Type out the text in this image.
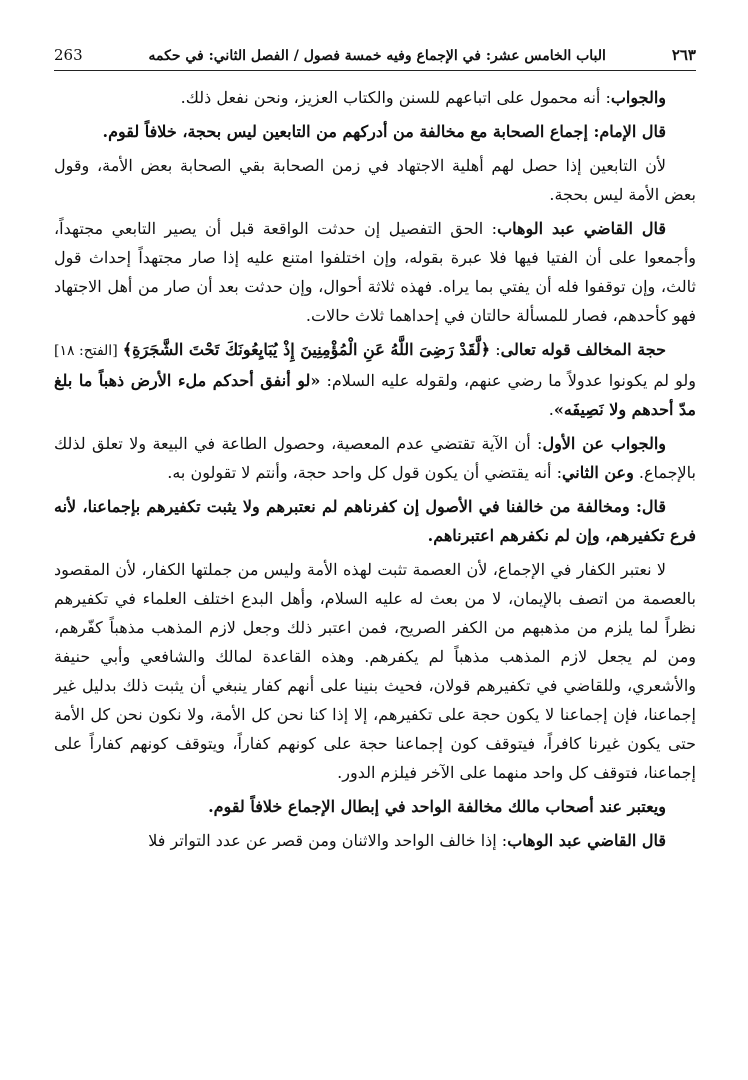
263	الباب الخامس عشر: في الإجماع وفيه خمسة فصول / الفصل الثاني: في حكمه	٢٦٣

والجواب: أنه محمول على اتباعهم للسنن والكتاب العزيز، ونحن نفعل ذلك.

قال الإمام: إجماع الصحابة مع مخالفة من أدركهم من التابعين ليس بحجة، خلافاً لقوم.

لأن التابعين إذا حصل لهم أهلية الاجتهاد في زمن الصحابة بقي الصحابة بعض الأمة، وقول بعض الأمة ليس بحجة.

قال القاضي عبد الوهاب: الحق التفصيل إن حدثت الواقعة قبل أن يصير التابعي مجتهداً، وأجمعوا على أن الفتيا فيها فلا عبرة بقوله، وإن اختلفوا امتنع عليه إذا صار مجتهداً إحداث قول ثالث، وإن توقفوا فله أن يفتي بما يراه. فهذه ثلاثة أحوال، وإن حدثت بعد أن صار من أهل الاجتهاد فهو كأحدهم، فصار للمسألة حالتان في إحداهما ثلاث حالات.

حجة المخالف قوله تعالى: ﴿لَّقَدْ رَضِىَ اللَّهُ عَنِ الْمُؤْمِنِينَ إِذْ يُبَايِعُونَكَ تَحْتَ الشَّجَرَةِ﴾ [الفتح: ١٨] ولو لم يكونوا عدولاً ما رضي عنهم، ولقوله عليه السلام: «لو أنفق أحدكم ملء الأرض ذهباً ما بلغ مدّ أحدهم ولا نَصِيفَه».

والجواب عن الأول: أن الآية تقتضي عدم المعصية، وحصول الطاعة في البيعة ولا تعلق لذلك بالإجماع. وعن الثاني: أنه يقتضي أن يكون قول كل واحد حجة، وأنتم لا تقولون به.

قال: ومخالفة من خالفنا في الأصول إن كفرناهم لم نعتبرهم ولا يثبت تكفيرهم بإجماعنا، لأنه فرع تكفيرهم، وإن لم نكفرهم اعتبرناهم.

لا نعتبر الكفار في الإجماع، لأن العصمة تثبت لهذه الأمة وليس من جملتها الكفار، لأن المقصود بالعصمة من اتصف بالإيمان، لا من بعث له عليه السلام، وأهل البدع اختلف العلماء في تكفيرهم نظراً لما يلزم من مذهبهم من الكفر الصريح، فمن اعتبر ذلك وجعل لازم المذهب مذهباً كفّرهم، ومن لم يجعل لازم المذهب مذهباً لم يكفرهم. وهذه القاعدة لمالك والشافعي وأبي حنيفة والأشعري، وللقاضي في تكفيرهم قولان، فحيث بنينا على أنهم كفار ينبغي أن يثبت ذلك بدليل غير إجماعنا، فإن إجماعنا لا يكون حجة على تكفيرهم، إلا إذا كنا نحن كل الأمة، ولا نكون نحن كل الأمة حتى يكون غيرنا كافراً، فيتوقف كون إجماعنا حجة على كونهم كفاراً، ويتوقف كونهم كفاراً على إجماعنا، فتوقف كل واحد منهما على الآخر فيلزم الدور.

ويعتبر عند أصحاب مالك مخالفة الواحد في إبطال الإجماع خلافاً لقوم.

قال القاضي عبد الوهاب: إذا خالف الواحد والاثنان ومن قصر عن عدد التواتر فلا
